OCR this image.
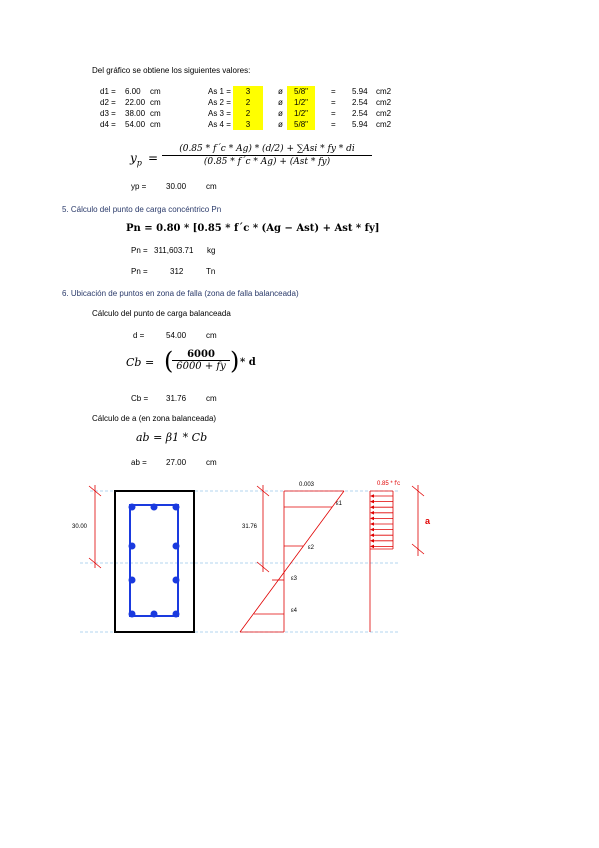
Del gráfico se obtiene los siguientes valores:
d1 = 6.00 cm	As 1 =	3	ø	5/8"	= 5.94 cm2
d2 = 22.00 cm	As 2 =	2	ø	1/2"	= 2.54 cm2
d3 = 38.00 cm	As 3 =	2	ø	1/2"	= 2.54 cm2
d4 = 54.00 cm	As 4 =	3	ø	5/8"	= 5.94 cm2
$y_p$ =
(0.85 * f´c * Ag) * (d/2) + ∑Asi * fy * di
(0.85 * f´c * Ag) + (Ast * fy)
yp = 30.00 cm
5. Cálculo del punto de carga concéntrico Pn
Pn = 0.80 * [0.85 * f´c * (Ag − Ast) + Ast * fy]
Pn = 311,603.71 kg
Pn =	312	Tn
6. Ubicación de puntos en zona de falla (zona de falla balanceada)
Cálculo del punto de carga balanceada
d =	54.00 cm
Cb = (	6000
6000 + fy ) * d
Cb = 31.76 cm
Cálculo de a (en zona balanceada)
ab = β1 * Cb
ab = 27.00 cm
30.00	31.76
0.003
ε1
ε2
ε3
ε4
0.85 * f'c
a
